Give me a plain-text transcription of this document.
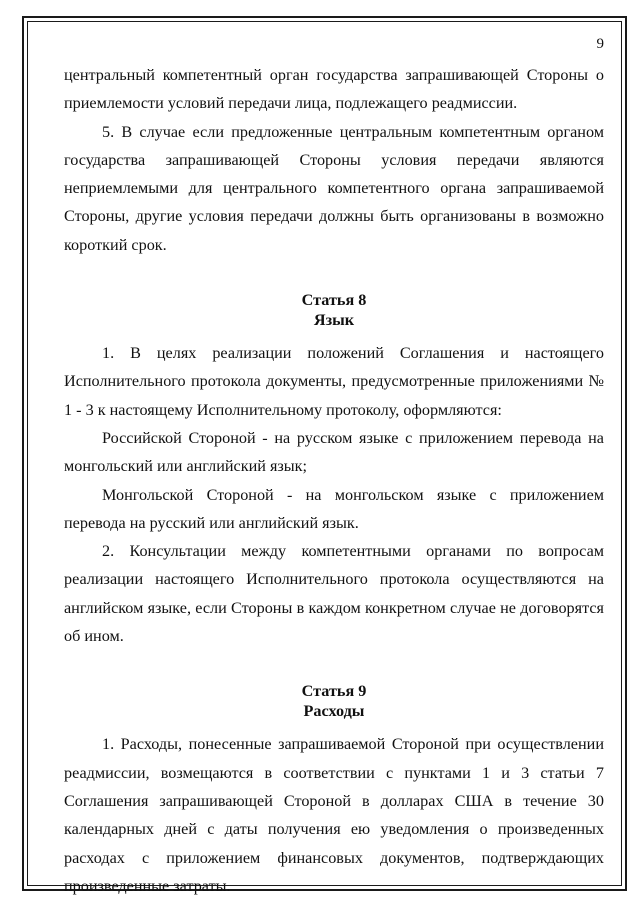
9

центральный компетентный орган государства запрашивающей Стороны о приемлемости условий передачи лица, подлежащего реадмиссии.

5. В случае если предложенные центральным компетентным органом государства запрашивающей Стороны условия передачи являются неприемлемыми для центрального компетентного органа запрашиваемой Стороны, другие условия передачи должны быть организованы в возможно короткий срок.

Статья 8
Язык

1. В целях реализации положений Соглашения и настоящего Исполнительного протокола документы, предусмотренные приложениями № 1 - 3 к настоящему Исполнительному протоколу, оформляются:

Российской Стороной - на русском языке с приложением перевода на монгольский или английский язык;

Монгольской Стороной - на монгольском языке с приложением перевода на русский или английский язык.

2. Консультации между компетентными органами по вопросам реализации настоящего Исполнительного протокола осуществляются на английском языке, если Стороны в каждом конкретном случае не договорятся об ином.

Статья 9
Расходы

1. Расходы, понесенные запрашиваемой Стороной при осуществлении реадмиссии, возмещаются в соответствии с пунктами 1 и 3 статьи 7 Соглашения запрашивающей Стороной в долларах США в течение 30 календарных дней с даты получения ею уведомления о произведенных расходах с приложением финансовых документов, подтверждающих произведенные затраты.
